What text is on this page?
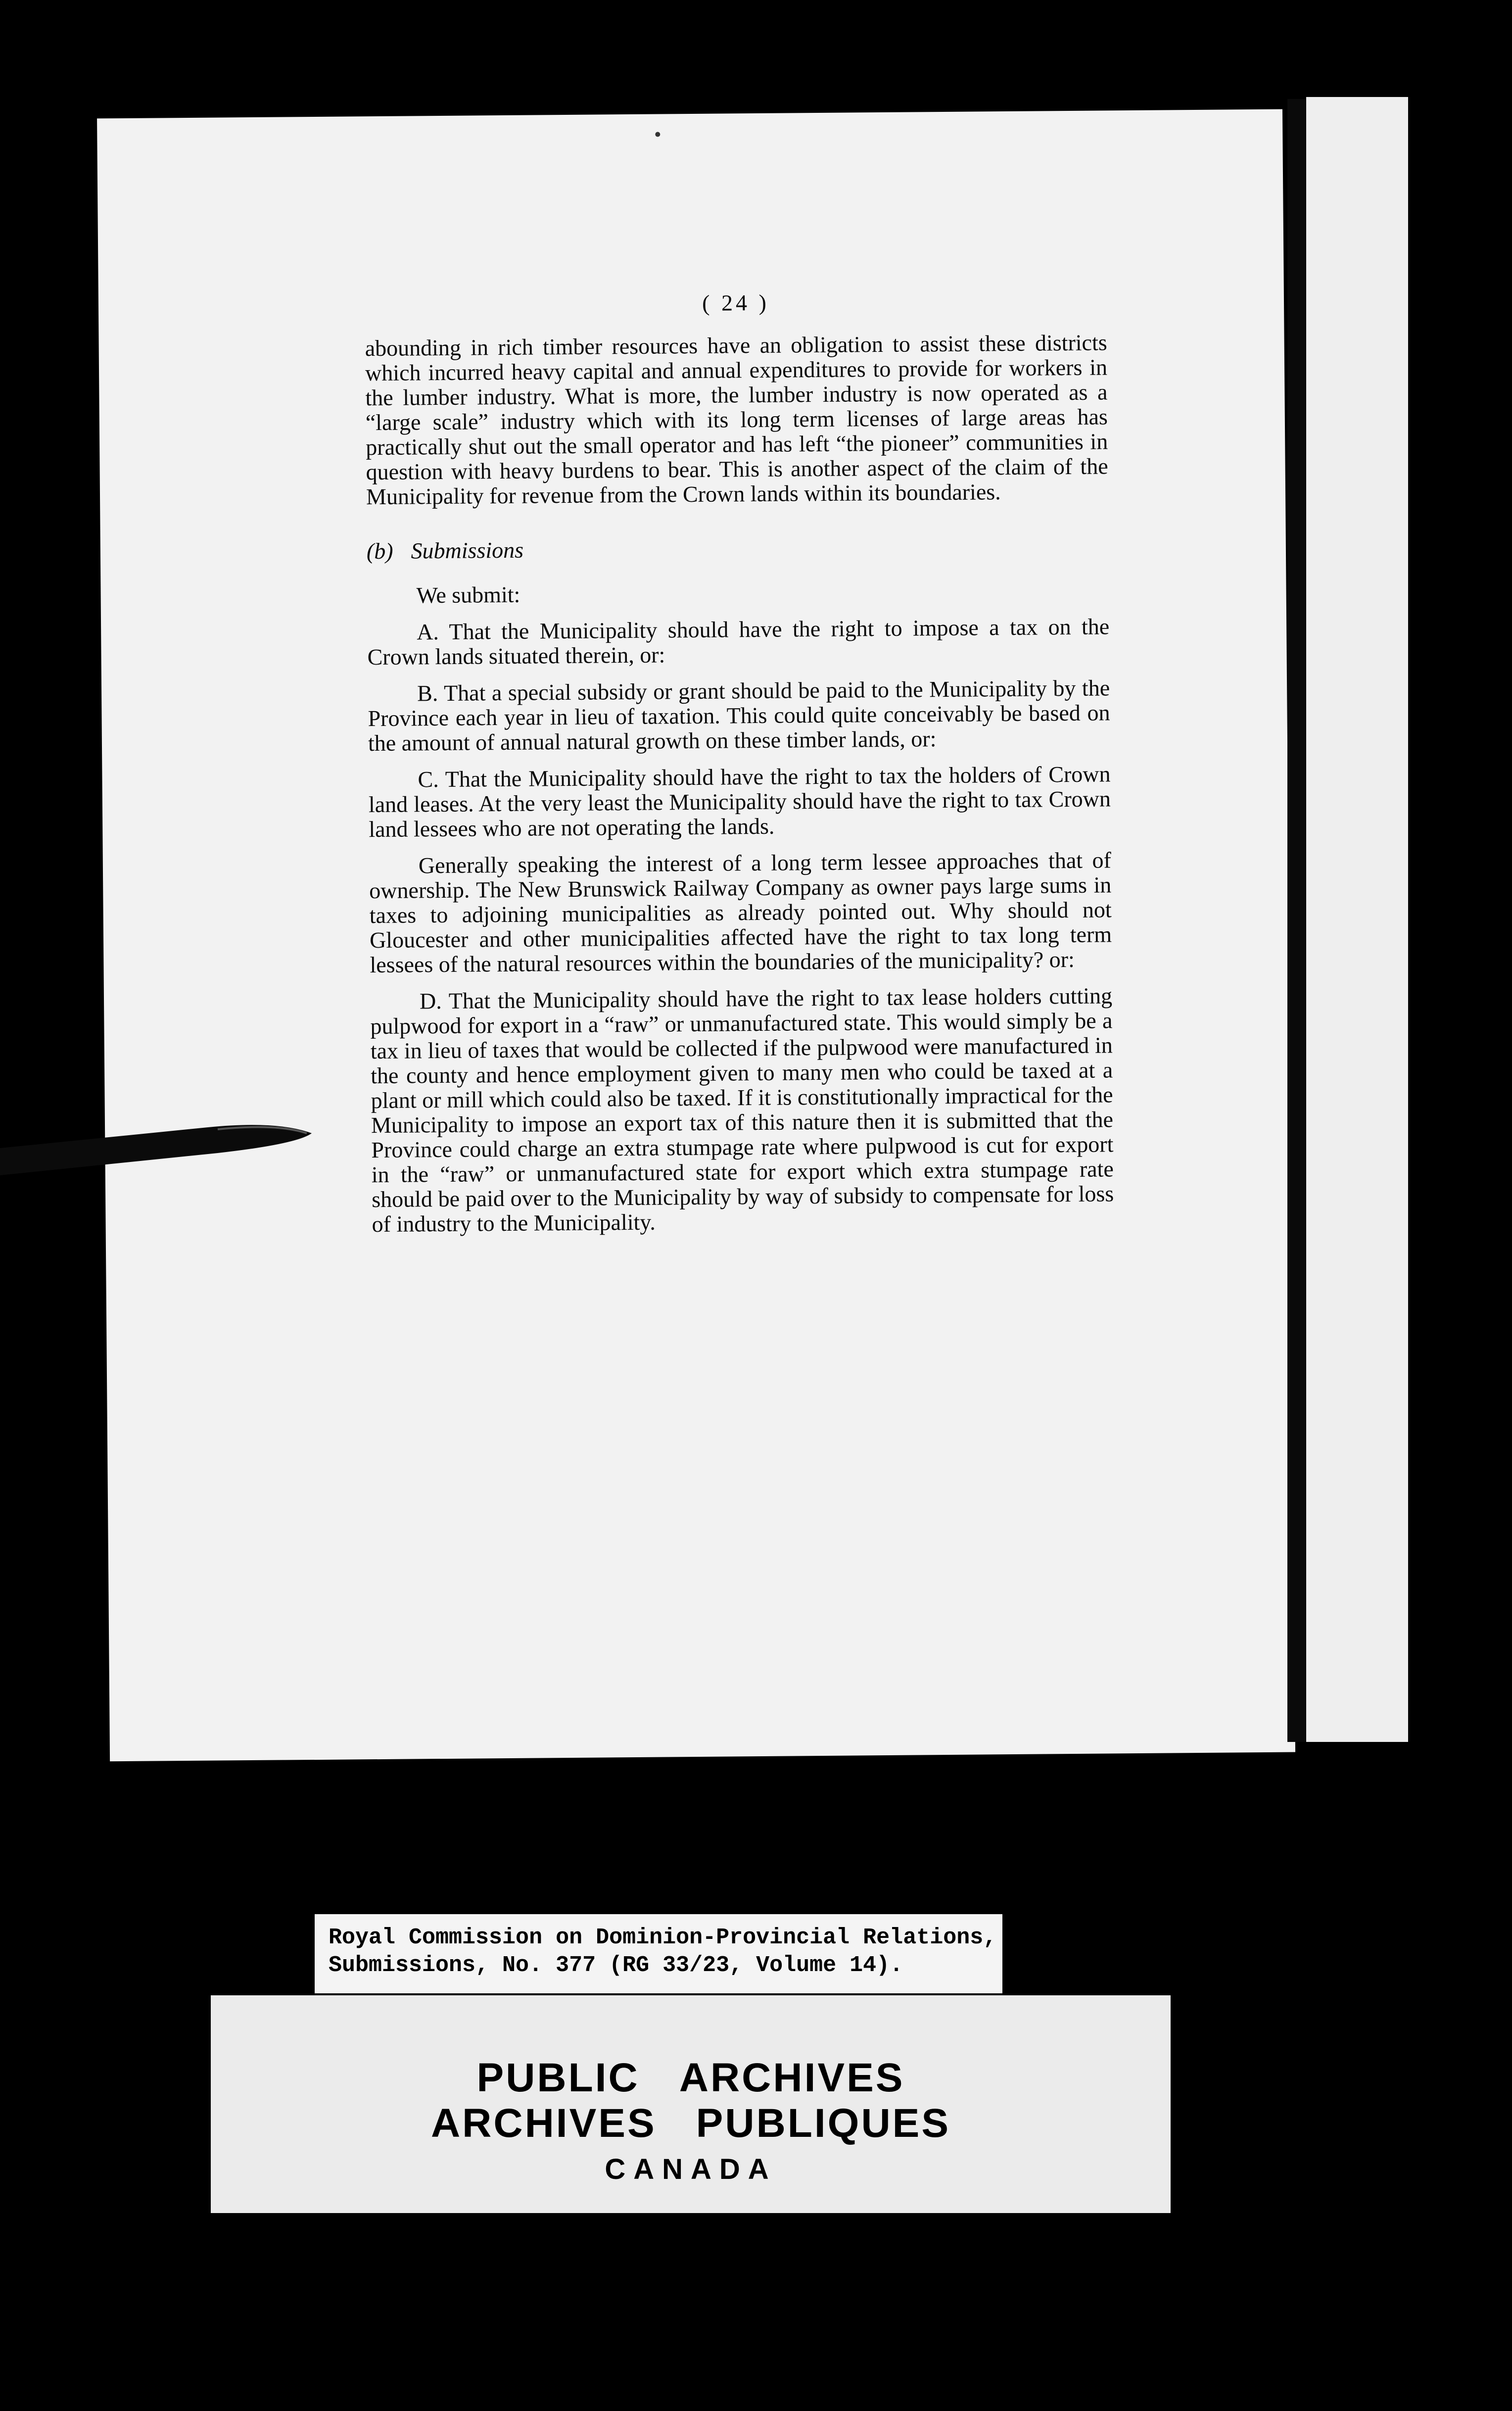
( 24 )

abounding in rich timber resources have an obligation to assist these districts which incurred heavy capital and annual expenditures to provide for workers in the lumber industry. What is more, the lumber industry is now operated as a “large scale” industry which with its long term licenses of large areas has practically shut out the small operator and has left “the pioneer” communities in question with heavy burdens to bear. This is another aspect of the claim of the Municipality for revenue from the Crown lands within its boundaries.

(b) Submissions

We submit:

A. That the Municipality should have the right to impose a tax on the Crown lands situated therein, or:

B. That a special subsidy or grant should be paid to the Municipality by the Province each year in lieu of taxation. This could quite conceivably be based on the amount of annual natural growth on these timber lands, or:

C. That the Municipality should have the right to tax the holders of Crown land leases. At the very least the Municipality should have the right to tax Crown land lessees who are not operating the lands.

Generally speaking the interest of a long term lessee approaches that of ownership. The New Brunswick Railway Company as owner pays large sums in taxes to adjoining municipalities as already pointed out. Why should not Gloucester and other municipalities affected have the right to tax long term lessees of the natural resources within the boundaries of the municipality? or:

D. That the Municipality should have the right to tax lease holders cutting pulpwood for export in a “raw” or unmanufactured state. This would simply be a tax in lieu of taxes that would be collected if the pulpwood were manufactured in the county and hence employment given to many men who could be taxed at a plant or mill which could also be taxed. If it is constitutionally impractical for the Municipality to impose an export tax of this nature then it is submitted that the Province could charge an extra stumpage rate where pulpwood is cut for export in the “raw” or unmanufactured state for export which extra stumpage rate should be paid over to the Municipality by way of subsidy to compensate for loss of industry to the Municipality.

Royal Commission on Dominion-Provincial Relations,
Submissions, No. 377 (RG 33/23, Volume 14).
PUBLIC ARCHIVES
ARCHIVES PUBLIQUES
CANADA
